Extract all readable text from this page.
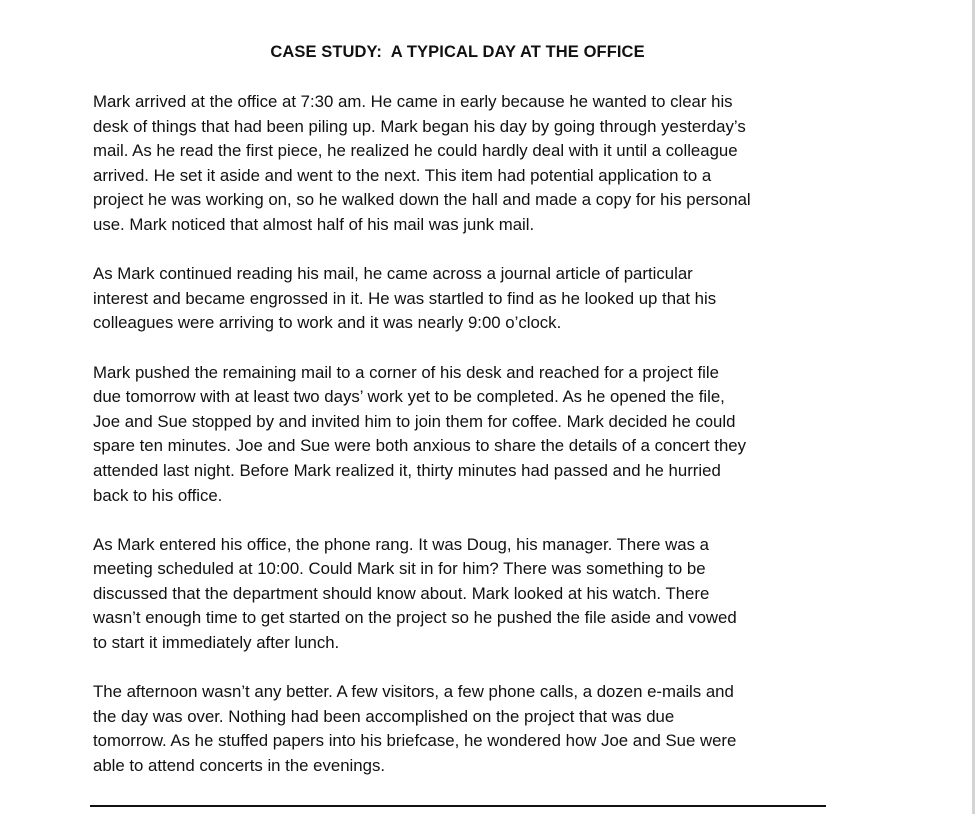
CASE STUDY:  A TYPICAL DAY AT THE OFFICE

Mark arrived at the office at 7:30 am. He came in early because he wanted to clear his
desk of things that had been piling up. Mark began his day by going through yesterday’s
mail. As he read the first piece, he realized he could hardly deal with it until a colleague
arrived. He set it aside and went to the next. This item had potential application to a
project he was working on, so he walked down the hall and made a copy for his personal
use. Mark noticed that almost half of his mail was junk mail.

As Mark continued reading his mail, he came across a journal article of particular
interest and became engrossed in it. He was startled to find as he looked up that his
colleagues were arriving to work and it was nearly 9:00 o’clock.

Mark pushed the remaining mail to a corner of his desk and reached for a project file
due tomorrow with at least two days’ work yet to be completed. As he opened the file,
Joe and Sue stopped by and invited him to join them for coffee. Mark decided he could
spare ten minutes. Joe and Sue were both anxious to share the details of a concert they
attended last night. Before Mark realized it, thirty minutes had passed and he hurried
back to his office.

As Mark entered his office, the phone rang. It was Doug, his manager. There was a
meeting scheduled at 10:00. Could Mark sit in for him? There was something to be
discussed that the department should know about. Mark looked at his watch. There
wasn’t enough time to get started on the project so he pushed the file aside and vowed
to start it immediately after lunch.

The afternoon wasn’t any better. A few visitors, a few phone calls, a dozen e-mails and
the day was over. Nothing had been accomplished on the project that was due
tomorrow. As he stuffed papers into his briefcase, he wondered how Joe and Sue were
able to attend concerts in the evenings.
